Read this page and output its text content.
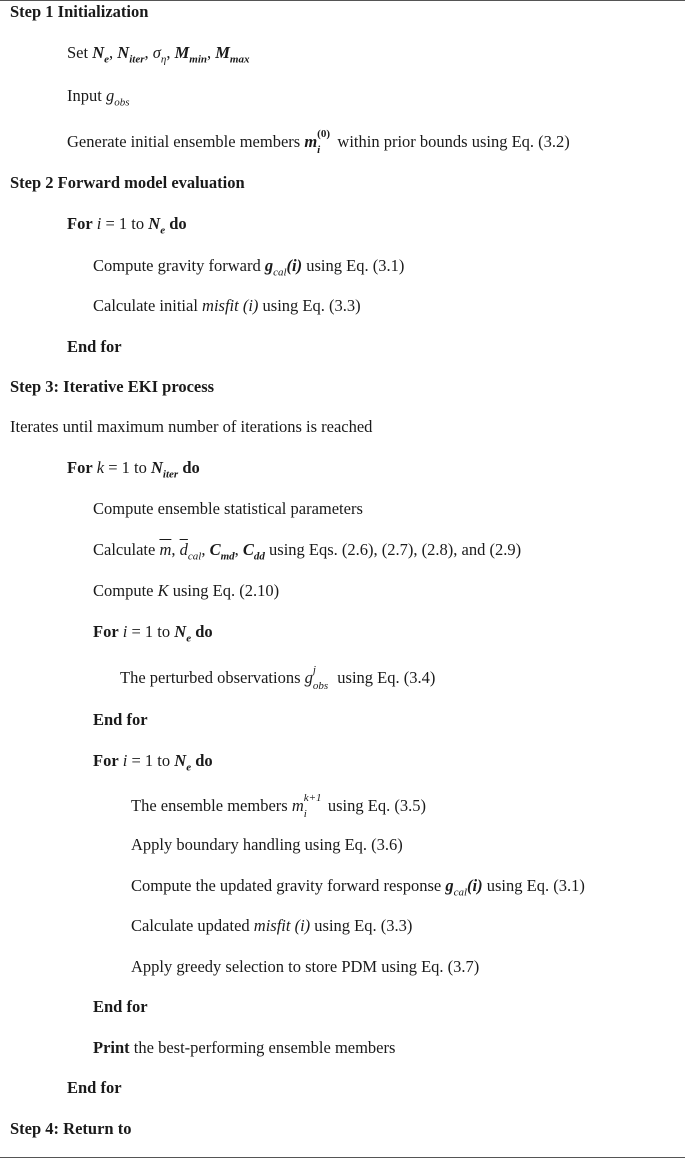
Step 1 Initialization
Set $N_e$, $N_{iter}$, $\sigma_\eta$, $M_{min}$, $M_{max}$
Input $g_{obs}$
Generate initial ensemble members m (0)
i within prior bounds using Eq. (3.2)
Step 2 Forward model evaluation
For i = 1 to $N_e$ do
Compute gravity forward $g_{cal}(i)$ using Eq. (3.1)
Calculate initial misfit (i) using Eq. (3.3)
End for
Step 3: Iterative EKI process
Iterates until maximum number of iterations is reached
For k = 1 to $N_{iter}$ do
Compute ensemble statistical parameters
Calculate $\overline{m}$, $\overline{d}_{cal}$, $C_{md}$, $C_{dd}$ using Eqs. (2.6), (2.7), (2.8), and (2.9)
Compute K using Eq. (2.10)
For i = 1 to $N_e$ do
The perturbed observations g j
obs using Eq. (3.4)
End for
For i = 1 to $N_e$ do
The ensemble members m k+1
i using Eq. (3.5)
Apply boundary handling using Eq. (3.6)
Compute the updated gravity forward response $g_{cal}(i)$ using Eq. (3.1)
Calculate updated misfit (i) using Eq. (3.3)
Apply greedy selection to store PDM using Eq. (3.7)
End for
Print the best-performing ensemble members
End for
Step 4: Return to
